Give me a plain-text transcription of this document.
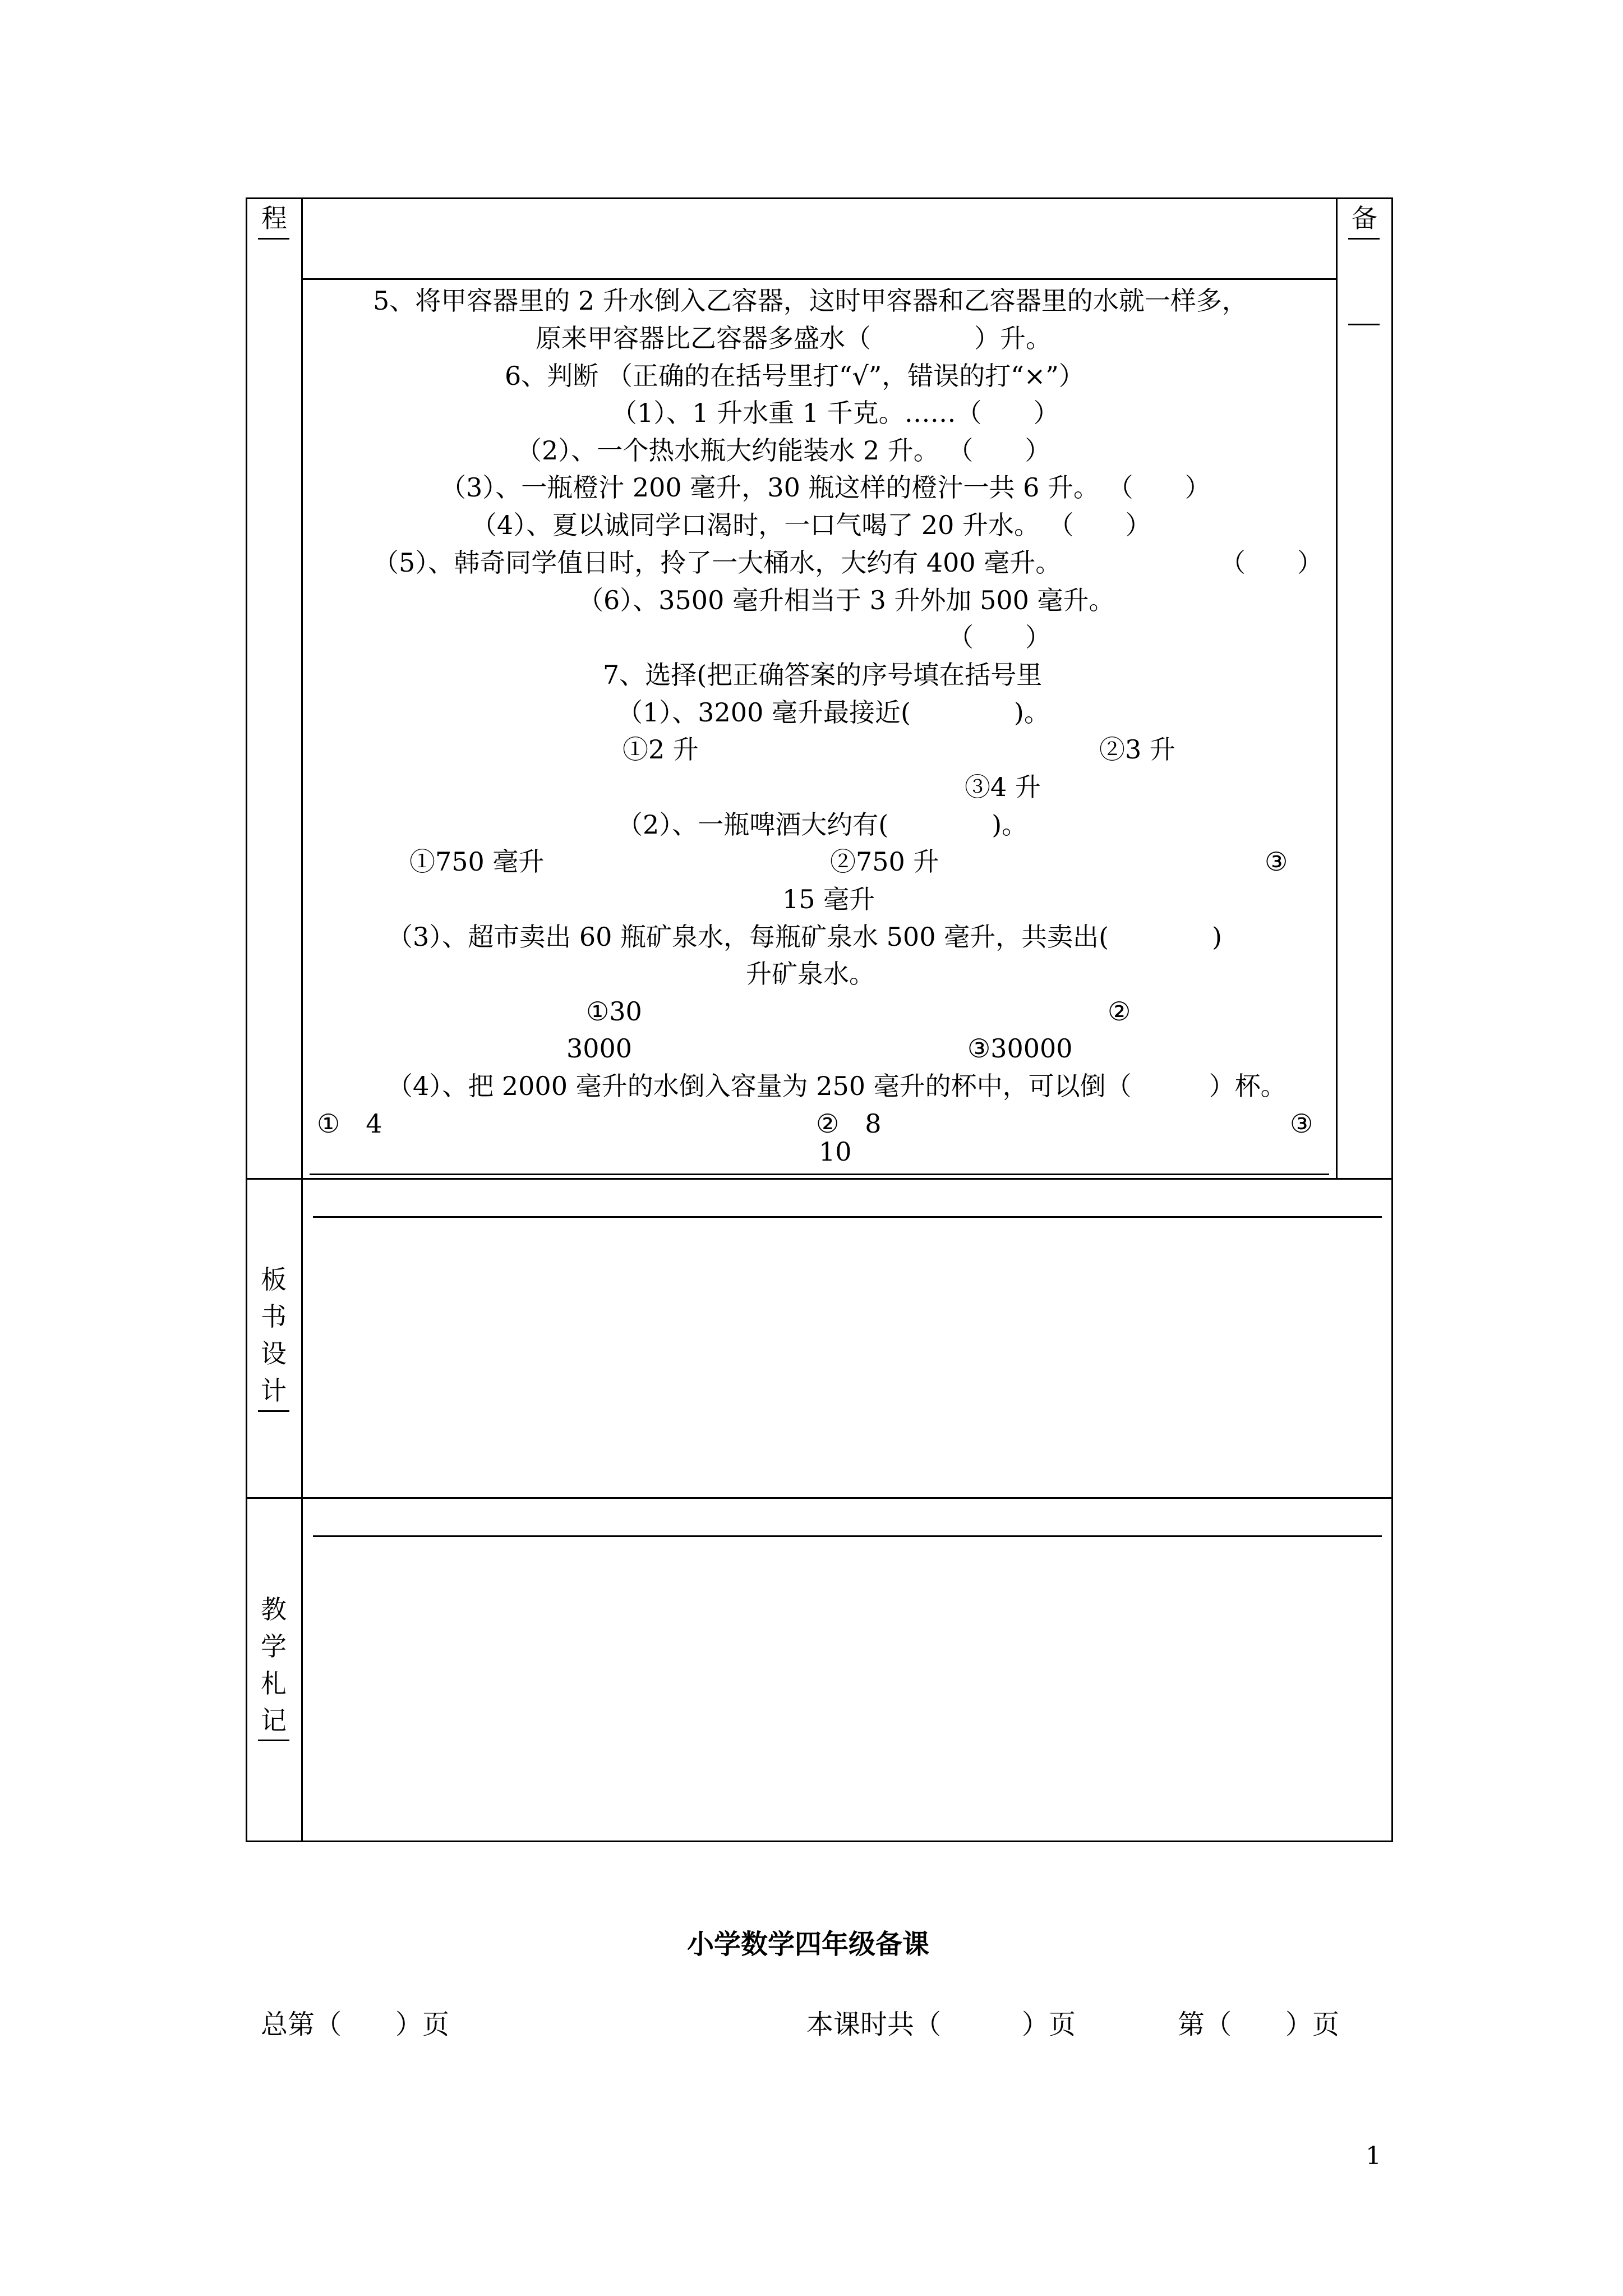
程	备
板
书
设
计
教
学
札
记
5、将甲容器里的 2 升水倒入乙容器，这时甲容器和乙容器里的水就一样多，
原来甲容器比乙容器多盛水（　　　　）升。
6、判断 （正确的在括号里打“√”，错误的打“×”）
（1）、1 升水重 1 千克。……（　　）
（2）、一个热水瓶大约能装水 2 升。 （　　）
（3）、一瓶橙汁 200 毫升，30 瓶这样的橙汁一共 6 升。 （　　）
（4）、夏以诚同学口渴时，一口气喝了 20 升水。 （　　）
（5）、韩奇同学值日时，拎了一大桶水，大约有 400 毫升。	（　　）
（6）、3500 毫升相当于 3 升外加 500 毫升。
（　　）
7、选择(把正确答案的序号填在括号里
（1）、3200 毫升最接近(　　　　)。
①2 升	②3 升
③4 升
（2）、一瓶啤酒大约有(　　　　)。
①750 毫升	②750 升	③
15 毫升
（3）、超市卖出 60 瓶矿泉水，每瓶矿泉水 500 毫升，共卖出(　　　　)
升矿泉水。
①30	②
3000	③30000
（4）、把 2000 毫升的水倒入容量为 250 毫升的杯中，可以倒（　　　）杯。
①　4	②　8	③
10
小学数学四年级备课
总第（　　）页	本课时共（　　　）页	第（　　）页
1
